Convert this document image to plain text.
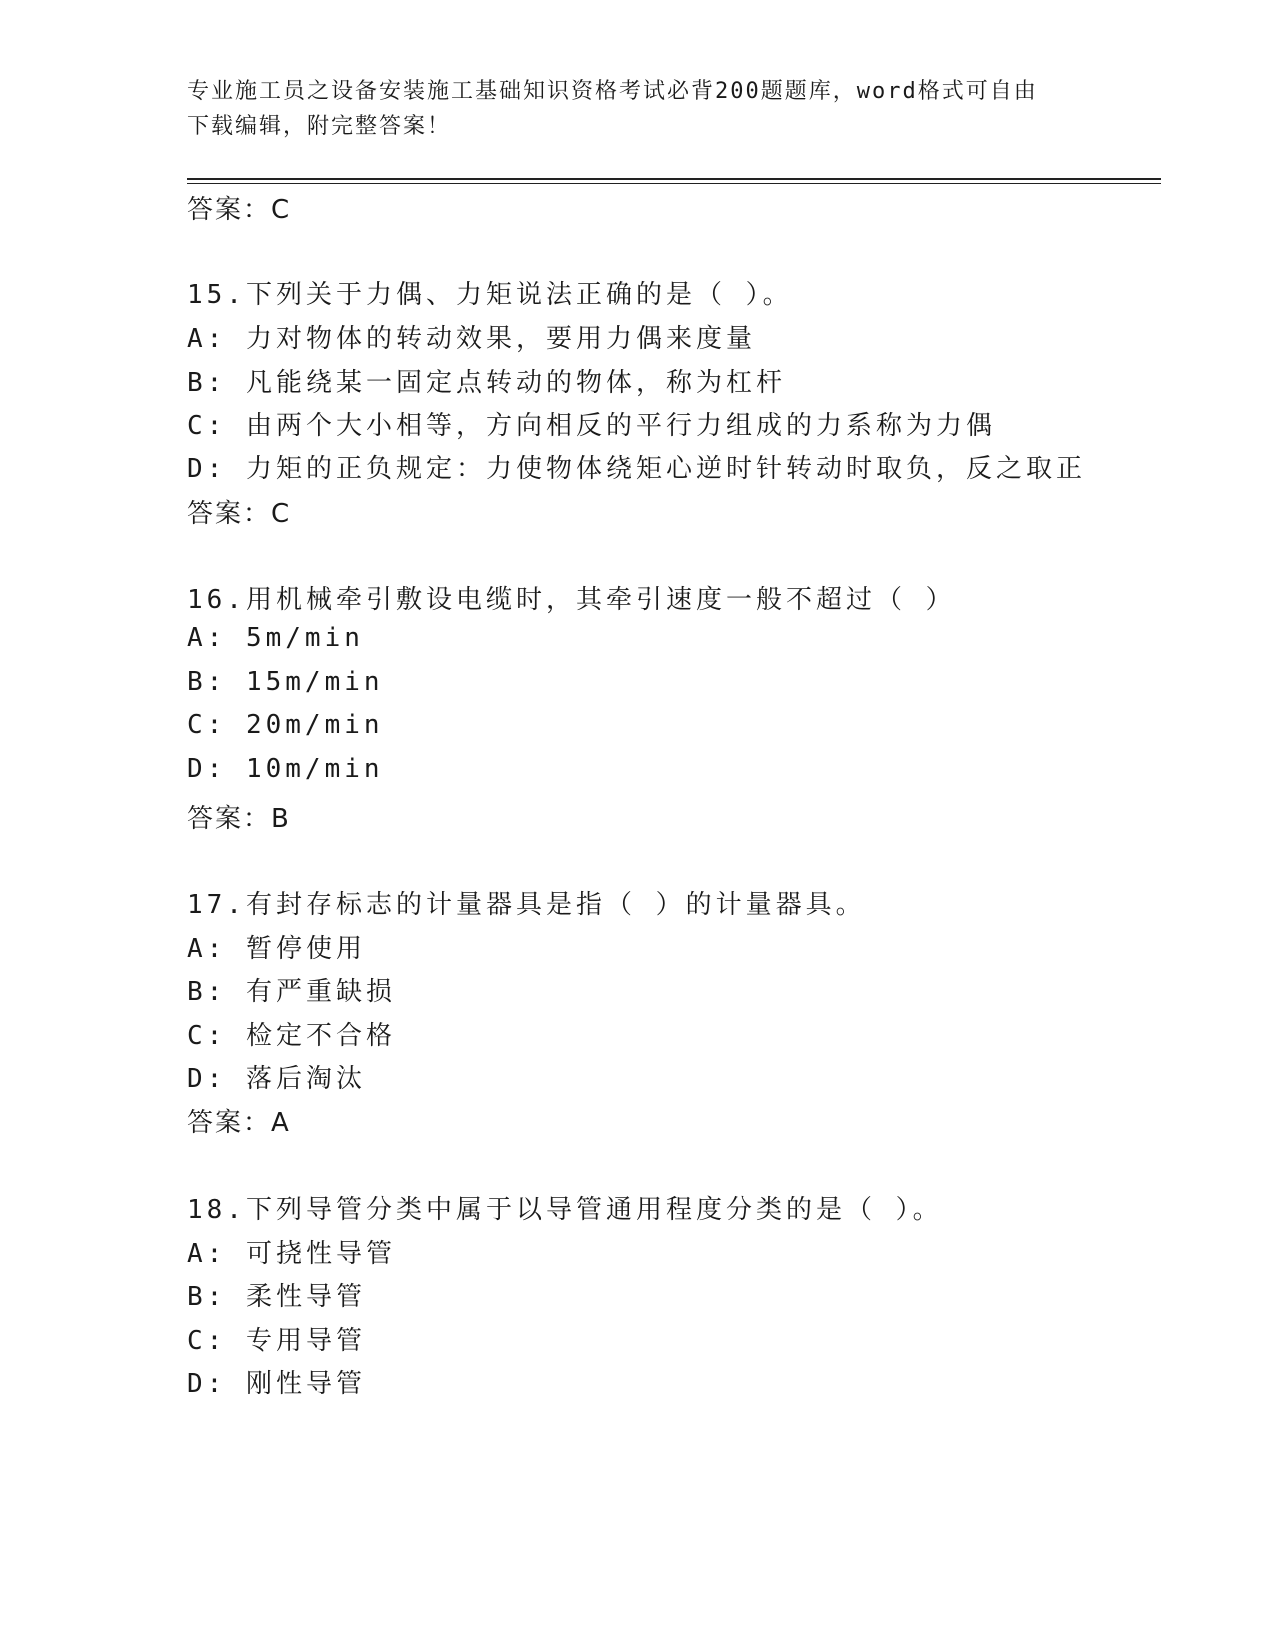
专业施工员之设备安装施工基础知识资格考试必背200题题库，word格式可自由
下载编辑，附完整答案！
答案：C
15.下列关于力偶、力矩说法正确的是（ ）。
A: 力对物体的转动效果，要用力偶来度量
B: 凡能绕某一固定点转动的物体，称为杠杆
C: 由两个大小相等，方向相反的平行力组成的力系称为力偶
D: 力矩的正负规定：力使物体绕矩心逆时针转动时取负，反之取正
答案：C
16.用机械牵引敷设电缆时，其牵引速度一般不超过（ ）
A: 5m/min
B: 15m/min
C: 20m/min
D: 10m/min
答案：B
17.有封存标志的计量器具是指（ ）的计量器具。
A: 暂停使用
B: 有严重缺损
C: 检定不合格
D: 落后淘汰
答案：A
18.下列导管分类中属于以导管通用程度分类的是（ ）。
A: 可挠性导管
B: 柔性导管
C: 专用导管
D: 刚性导管
